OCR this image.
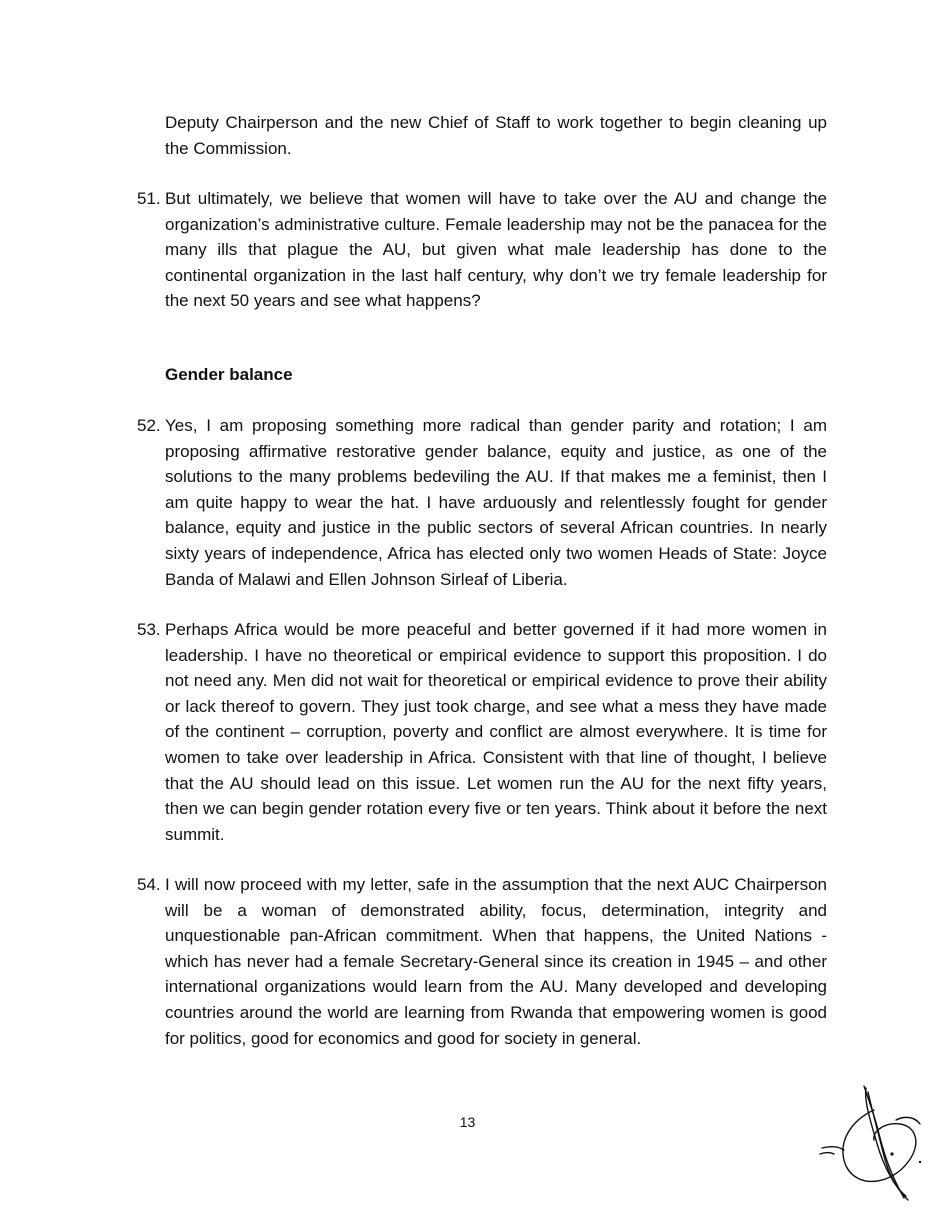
Deputy Chairperson and the new Chief of Staff to work together to begin cleaning up the Commission.

51. But ultimately, we believe that women will have to take over the AU and change the organization’s administrative culture. Female leadership may not be the panacea for the many ills that plague the AU, but given what male leadership has done to the continental organization in the last half century, why don’t we try female leadership for the next 50 years and see what happens?
Gender balance
52. Yes, I am proposing something more radical than gender parity and rotation; I am proposing affirmative restorative gender balance, equity and justice, as one of the solutions to the many problems bedeviling the AU. If that makes me a feminist, then I am quite happy to wear the hat. I have arduously and relentlessly fought for gender balance, equity and justice in the public sectors of several African countries. In nearly sixty years of independence, Africa has elected only two women Heads of State: Joyce Banda of Malawi and Ellen Johnson Sirleaf of Liberia.
53. Perhaps Africa would be more peaceful and better governed if it had more women in leadership. I have no theoretical or empirical evidence to support this proposition. I do not need any. Men did not wait for theoretical or empirical evidence to prove their ability or lack thereof to govern. They just took charge, and see what a mess they have made of the continent – corruption, poverty and conflict are almost everywhere. It is time for women to take over leadership in Africa. Consistent with that line of thought, I believe that the AU should lead on this issue. Let women run the AU for the next fifty years, then we can begin gender rotation every five or ten years. Think about it before the next summit.
54. I will now proceed with my letter, safe in the assumption that the next AUC Chairperson will be a woman of demonstrated ability, focus, determination, integrity and unquestionable pan-African commitment. When that happens, the United Nations - which has never had a female Secretary-General since its creation in 1945 – and other international organizations would learn from the AU. Many developed and developing countries around the world are learning from Rwanda that empowering women is good for politics, good for economics and good for society in general.
13
